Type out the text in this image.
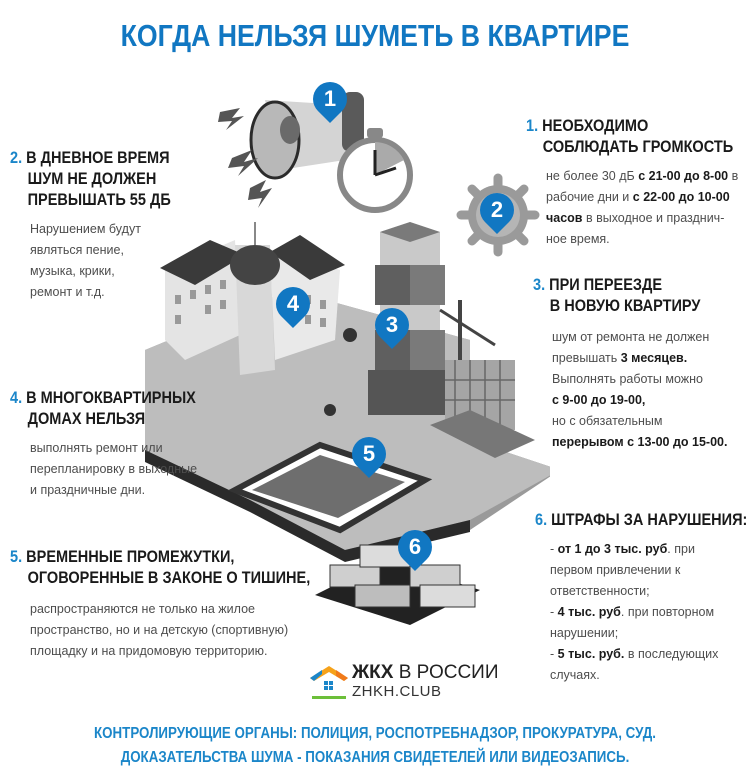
КОГДА НЕЛЬЗЯ ШУМЕТЬ В КВАРТИРЕ
1
2
3
4
5
6
1. НЕОБХОДИМО
СОБЛЮДАТЬ ГРОМКОСТЬ
не более 30 дБ с 21-00 до 8-00 в
рабочие дни и с 22-00 до 10-00
часов в выходное и празднич-
ное время.
2. В ДНЕВНОЕ ВРЕМЯ
ШУМ НЕ ДОЛЖЕН
ПРЕВЫШАТЬ 55 ДБ
Нарушением будут
являться пение,
музыка, крики,
ремонт и т.д.	3. ПРИ ПЕРЕЕЗДЕ
В НОВУЮ КВАРТИРУ
шум от ремонта не должен
превышать 3 месяцев.
Выполнять работы можно
с 9-00 до 19-00,
но с обязательным
перерывом с 13-00 до 15-00.
4. В МНОГОКВАРТИРНЫХ
ДОМАХ НЕЛЬЗЯ
выполнять ремонт или
перепланировку в выходные
и праздничные дни.
5. ВРЕМЕННЫЕ ПРОМЕЖУТКИ,
ОГОВОРЕННЫЕ В ЗАКОНЕ О ТИШИНЕ,
распространяются не только на жилое
пространство, но и на детскую (спортивную)
площадку и на придомовую территорию.
6. ШТРАФЫ ЗА НАРУШЕНИЯ:
- от 1 до 3 тыс. руб. при
первом привлечении к
ответственности;
- 4 тыс. руб. при повторном
нарушении;
- 5 тыс. руб. в последующих
случаях.
ЖКХ В РОССИИ
ZHKH.CLUB
КОНТРОЛИРУЮЩИЕ ОРГАНЫ: ПОЛИЦИЯ, РОСПОТРЕБНАДЗОР, ПРОКУРАТУРА, СУД.
ДОКАЗАТЕЛЬСТВА ШУМА - ПОКАЗАНИЯ СВИДЕТЕЛЕЙ ИЛИ ВИДЕОЗАПИСЬ.
